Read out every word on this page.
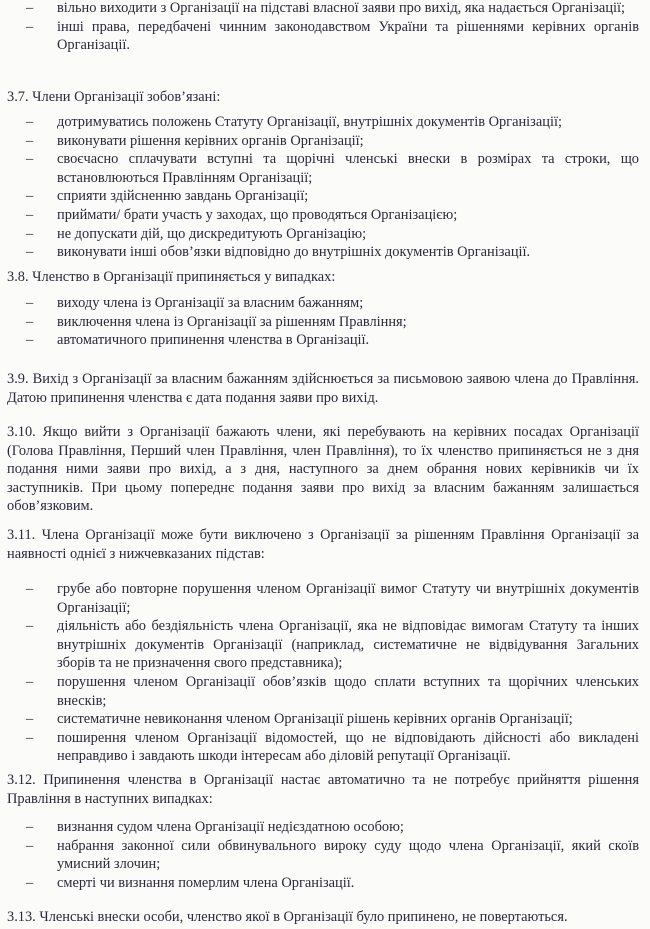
– вільно виходити з Організації на підставі власної заяви про вихід, яка надається Організації;
– інші права, передбачені чинним законодавством України та рішеннями керівних органів Організації.
3.7. Члени Організації зобов’язані:
– дотримуватись положень Статуту Організації, внутрішніх документів Організації;
– виконувати рішення керівних органів Організації;
– своєчасно сплачувати вступні та щорічні членські внески в розмірах та строки, що встановлюються Правлінням Організації;
– сприяти здійсненню завдань Організації;
– приймати/ брати участь у заходах, що проводяться Організацією;
– не допускати дій, що дискредитують Організацію;
– виконувати інші обов’язки відповідно до внутрішніх документів Організації.
3.8. Членство в Організації припиняється у випадках:
– виходу члена із Організації за власним бажанням;
– виключення члена із Організації за рішенням Правління;
– автоматичного припинення членства в Організації.
3.9. Вихід з Організації за власним бажанням здійснюється за письмовою заявою члена до Правління. Датою припинення членства є дата подання заяви про вихід.
3.10. Якщо вийти з Організації бажають члени, які перебувають на керівних посадах Організації (Голова Правління, Перший член Правління, член Правління), то їх членство припиняється не з дня подання ними заяви про вихід, а з дня, наступного за днем обрання нових керівників чи їх заступників. При цьому попереднє подання заяви про вихід за власним бажанням залишається обов’язковим.
3.11. Члена Організації може бути виключено з Організації за рішенням Правління Організації за наявності однієї з нижчевказаних підстав:
– грубе або повторне порушення членом Організації вимог Статуту чи внутрішніх документів Організації;
– діяльність або бездіяльність члена Організації, яка не відповідає вимогам Статуту та інших внутрішніх документів Організації (наприклад, систематичне не відвідування Загальних зборів та не призначення свого представника);
– порушення членом Організації обов’язків щодо сплати вступних та щорічних членських внесків;
– систематичне невиконання членом Організації рішень керівних органів Організації;
– поширення членом Організації відомостей, що не відповідають дійсності або викладені неправдиво і завдають шкоди інтересам або діловій репутації Організації.
3.12. Припинення членства в Організації настає автоматично та не потребує прийняття рішення Правління в наступних випадках:
– визнання судом члена Організації недієздатною особою;
– набрання законної сили обвинувального вироку суду щодо члена Організації, який скоїв умисний злочин;
– смерті чи визнання померлим члена Організації.
3.13. Членські внески особи, членство якої в Організації було припинено, не повертаються.
